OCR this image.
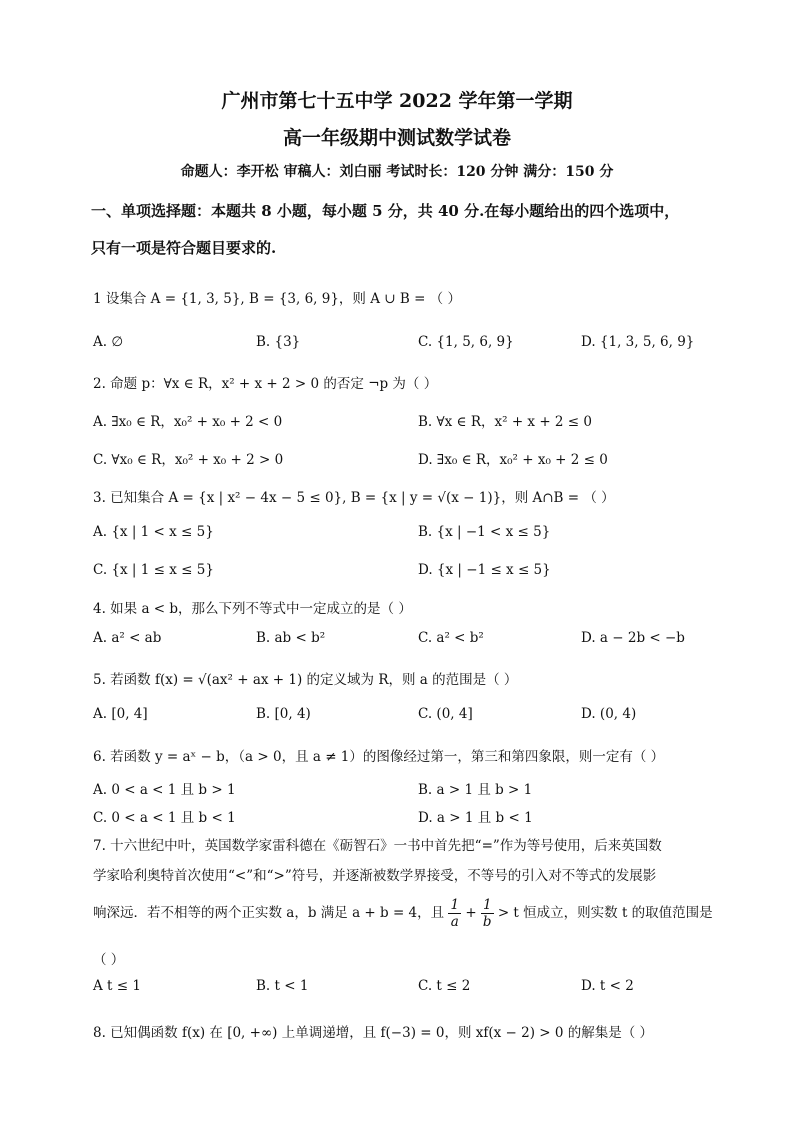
广州市第七十五中学 2022 学年第一学期
高一年级期中测试数学试卷
命题人：李开松 审稿人：刘白丽 考试时长：120 分钟 满分：150 分
一、单项选择题：本题共 8 小题，每小题 5 分，共 40 分.在每小题给出的四个选项中，
只有一项是符合题目要求的.
1 设集合 A = {1, 3, 5}, B = {3, 6, 9}，则 A ∪ B = （ ）
A. ∅	B. {3}	C. {1, 5, 6, 9}	D. {1, 3, 5, 6, 9}
2. 命题 p：∀x ∈ R，x² + x + 2 > 0 的否定 ¬p 为（ ）
A. ∃x₀ ∈ R，x₀² + x₀ + 2 < 0	B. ∀x ∈ R，x² + x + 2 ≤ 0
C. ∀x₀ ∈ R，x₀² + x₀ + 2 > 0	D. ∃x₀ ∈ R，x₀² + x₀ + 2 ≤ 0
3. 已知集合 A = {x | x² − 4x − 5 ≤ 0}, B = {x | y = √(x − 1)}，则 A∩B = （ ）
A. {x | 1 < x ≤ 5}	B. {x | −1 < x ≤ 5}
C. {x | 1 ≤ x ≤ 5}	D. {x | −1 ≤ x ≤ 5}
4. 如果 a < b，那么下列不等式中一定成立的是（ ）
A. a² < ab	B. ab < b²	C. a² < b²	D. a − 2b < −b
5. 若函数 f(x) = √(ax² + ax + 1) 的定义域为 R，则 a 的范围是（ ）
A. [0, 4]	B. [0, 4)	C. (0, 4]	D. (0, 4)
6. 若函数 y = aˣ − b，（a > 0，且 a ≠ 1）的图像经过第一，第三和第四象限，则一定有（ ）
A. 0 < a < 1 且 b > 1	B. a > 1 且 b > 1
C. 0 < a < 1 且 b < 1	D. a > 1 且 b < 1
7. 十六世纪中叶，英国数学家雷科德在《砺智石》一书中首先把“=”作为等号使用，后来英国数
学家哈利奥特首次使用“<”和“>”符号，并逐渐被数学界接受，不等号的引入对不等式的发展影
响深远．若不相等的两个正实数 a，b 满足 a + b = 4，且 $\frac{1}{a} + \frac{1}{b} > t$ 恒成立，则实数 t 的取值范围是
（ ）
A t ≤ 1	B. t < 1	C. t ≤ 2	D. t < 2
8. 已知偶函数 f(x) 在 [0, +∞) 上单调递增，且 f(−3) = 0，则 xf(x − 2) > 0 的解集是（ ）
